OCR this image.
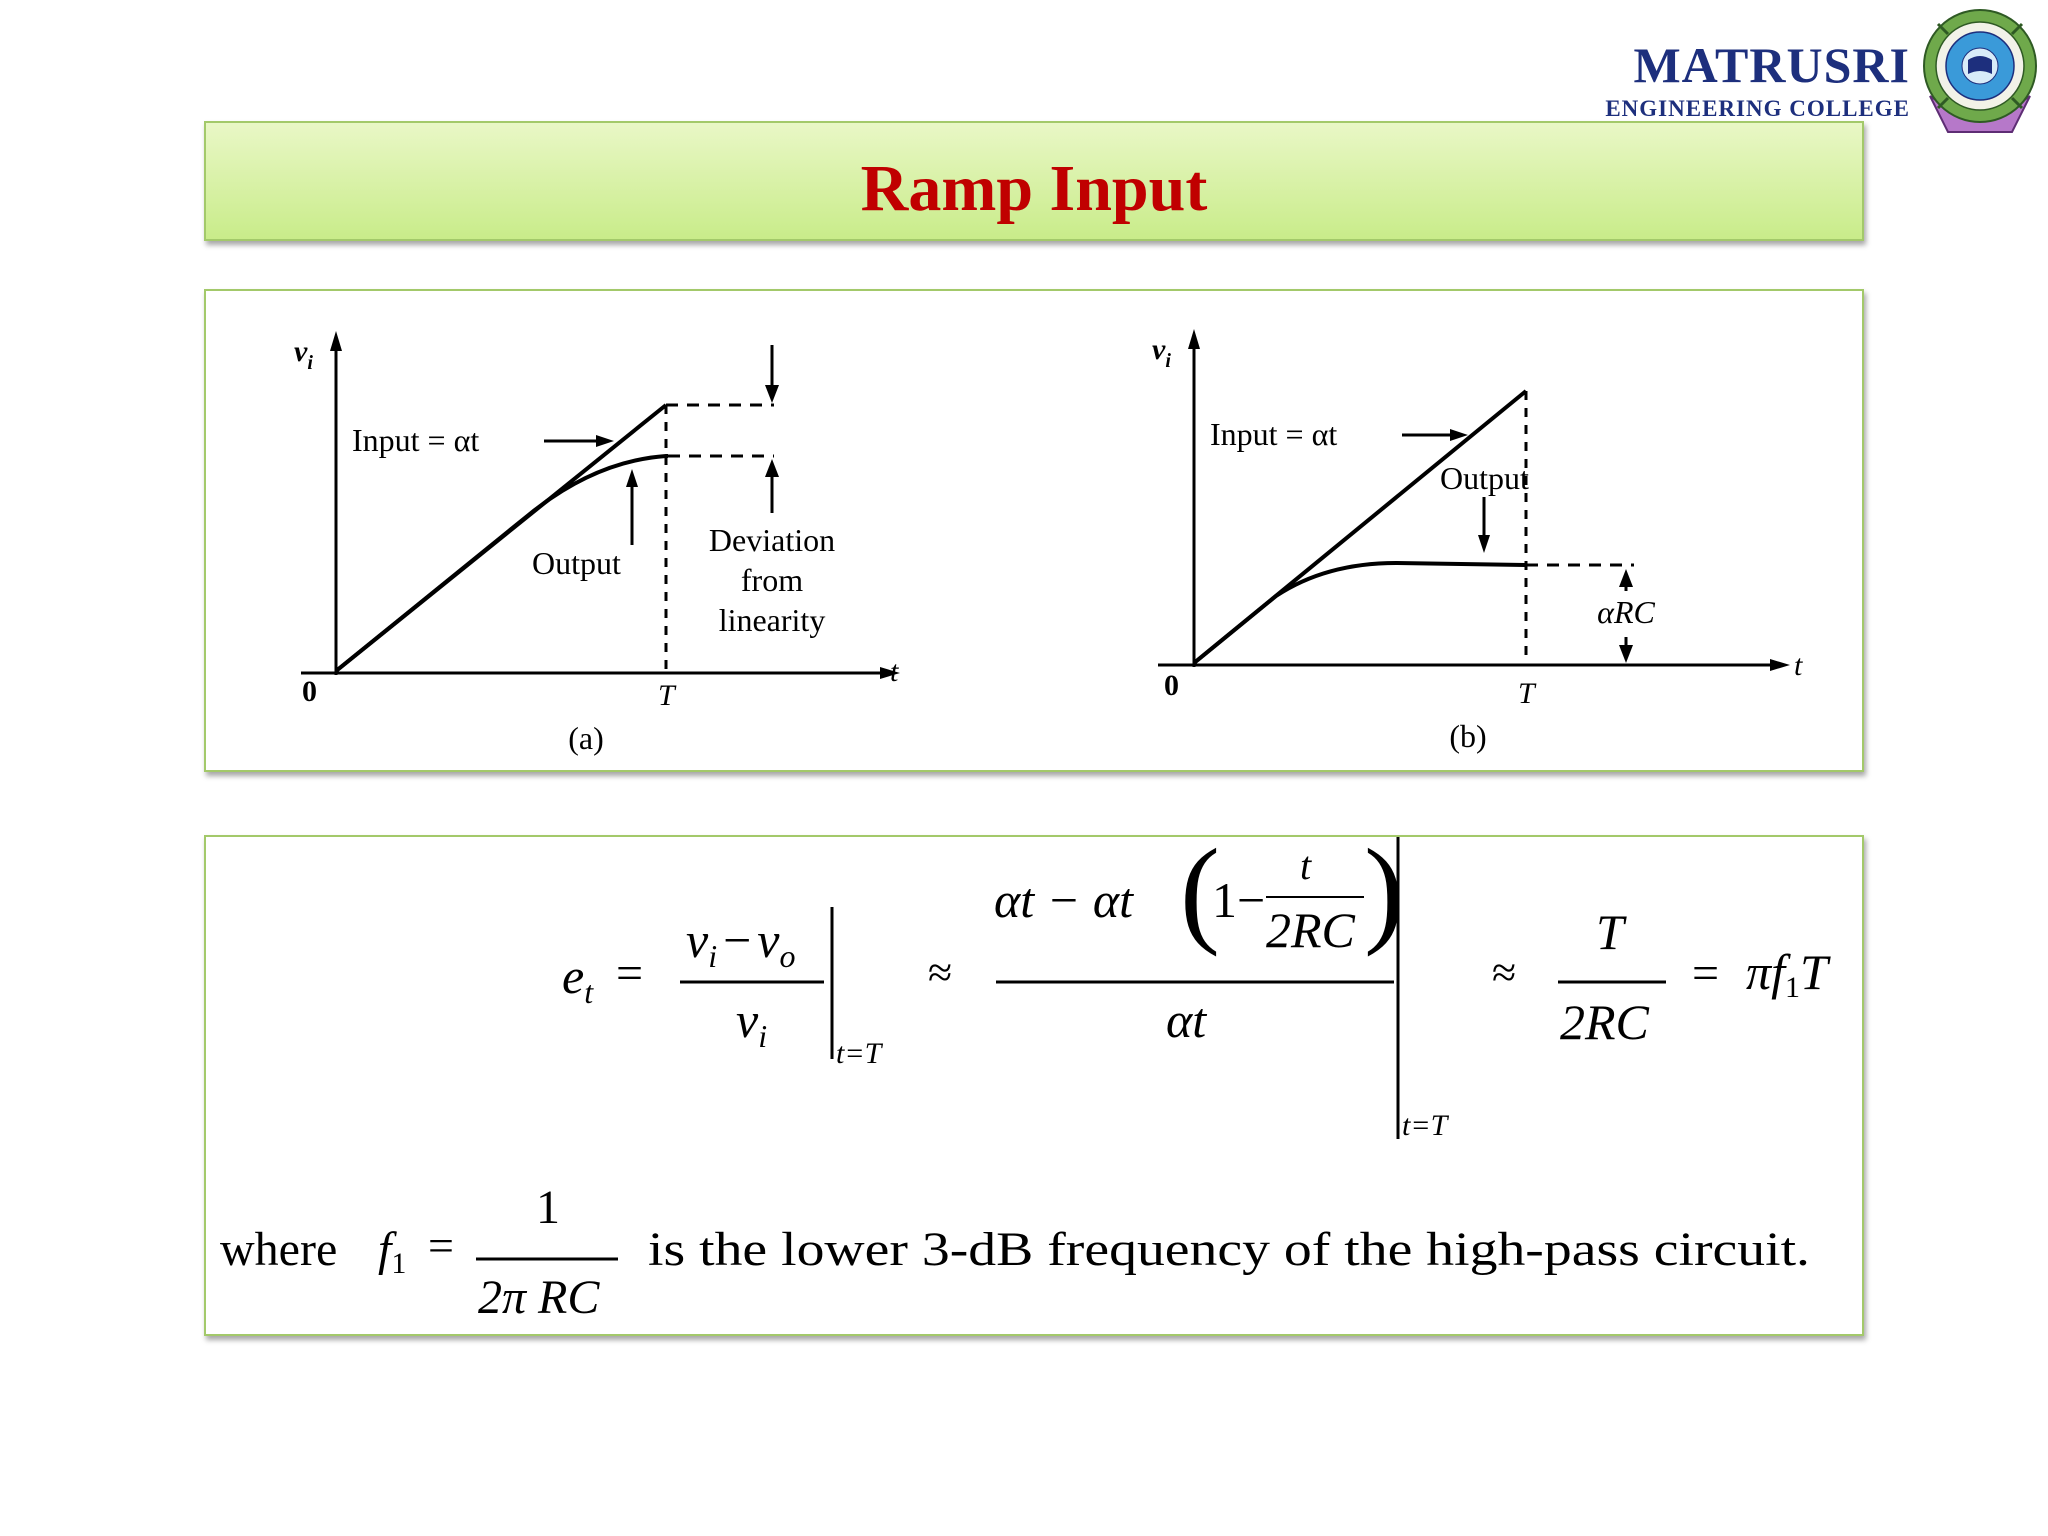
MATRUSRI
ENGINEERING COLLEGE
Ramp Input
$v_i$
0	T
t
Input = αt
Output
Deviation
from
linearity
(a)
$v_i$
0	T
t
Input = αt
Output
αRC
(b)
$e_t$ =
$v_i - v_o$
$v_i$ t=T
≈
αt − αt (
1−
t
2RC )
αt
t=T
≈
T
2RC
= πf1T
where f1 =
1
2π RC
is the lower 3-dB frequency of the high-pass circuit.
